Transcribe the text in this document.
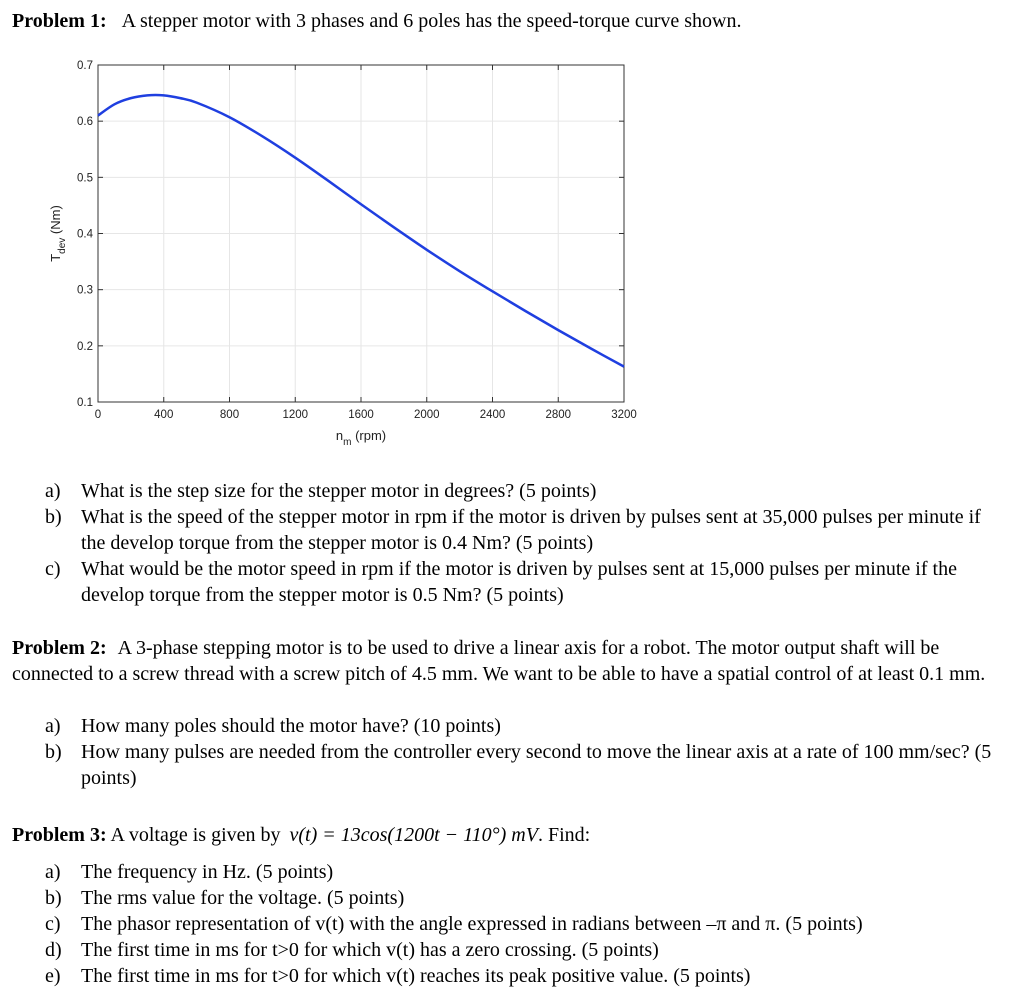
Problem 1: A stepper motor with 3 phases and 6 poles has the speed-torque curve shown.
0	400	800	1200	1600	2000	2400	2800	3200
0.1
0.2
0.3
0.4
0.5
0.6
0.7
$n_m$ (rpm)
$T_{dev}$ (Nm)
a) What is the step size for the stepper motor in degrees? (5 points)
b) What is the speed of the stepper motor in rpm if the motor is driven by pulses sent at 35,000 pulses per minute if the develop torque from the stepper motor is 0.4 Nm? (5 points)
c) What would be the motor speed in rpm if the motor is driven by pulses sent at 15,000 pulses per minute if the develop torque from the stepper motor is 0.5 Nm? (5 points)
Problem 2: A 3-phase stepping motor is to be used to drive a linear axis for a robot. The motor output shaft will be connected to a screw thread with a screw pitch of 4.5 mm. We want to be able to have a spatial control of at least 0.1 mm.
a) How many poles should the motor have? (10 points)
b) How many pulses are needed from the controller every second to move the linear axis at a rate of 100 mm/sec? (5 points)
Problem 3: A voltage is given by v(t) = 13cos(1200t − 110°) mV. Find:
a) The frequency in Hz. (5 points)
b) The rms value for the voltage. (5 points)
c) The phasor representation of v(t) with the angle expressed in radians between –π and π. (5 points)
d) The first time in ms for t>0 for which v(t) has a zero crossing. (5 points)
e) The first time in ms for t>0 for which v(t) reaches its peak positive value. (5 points)
